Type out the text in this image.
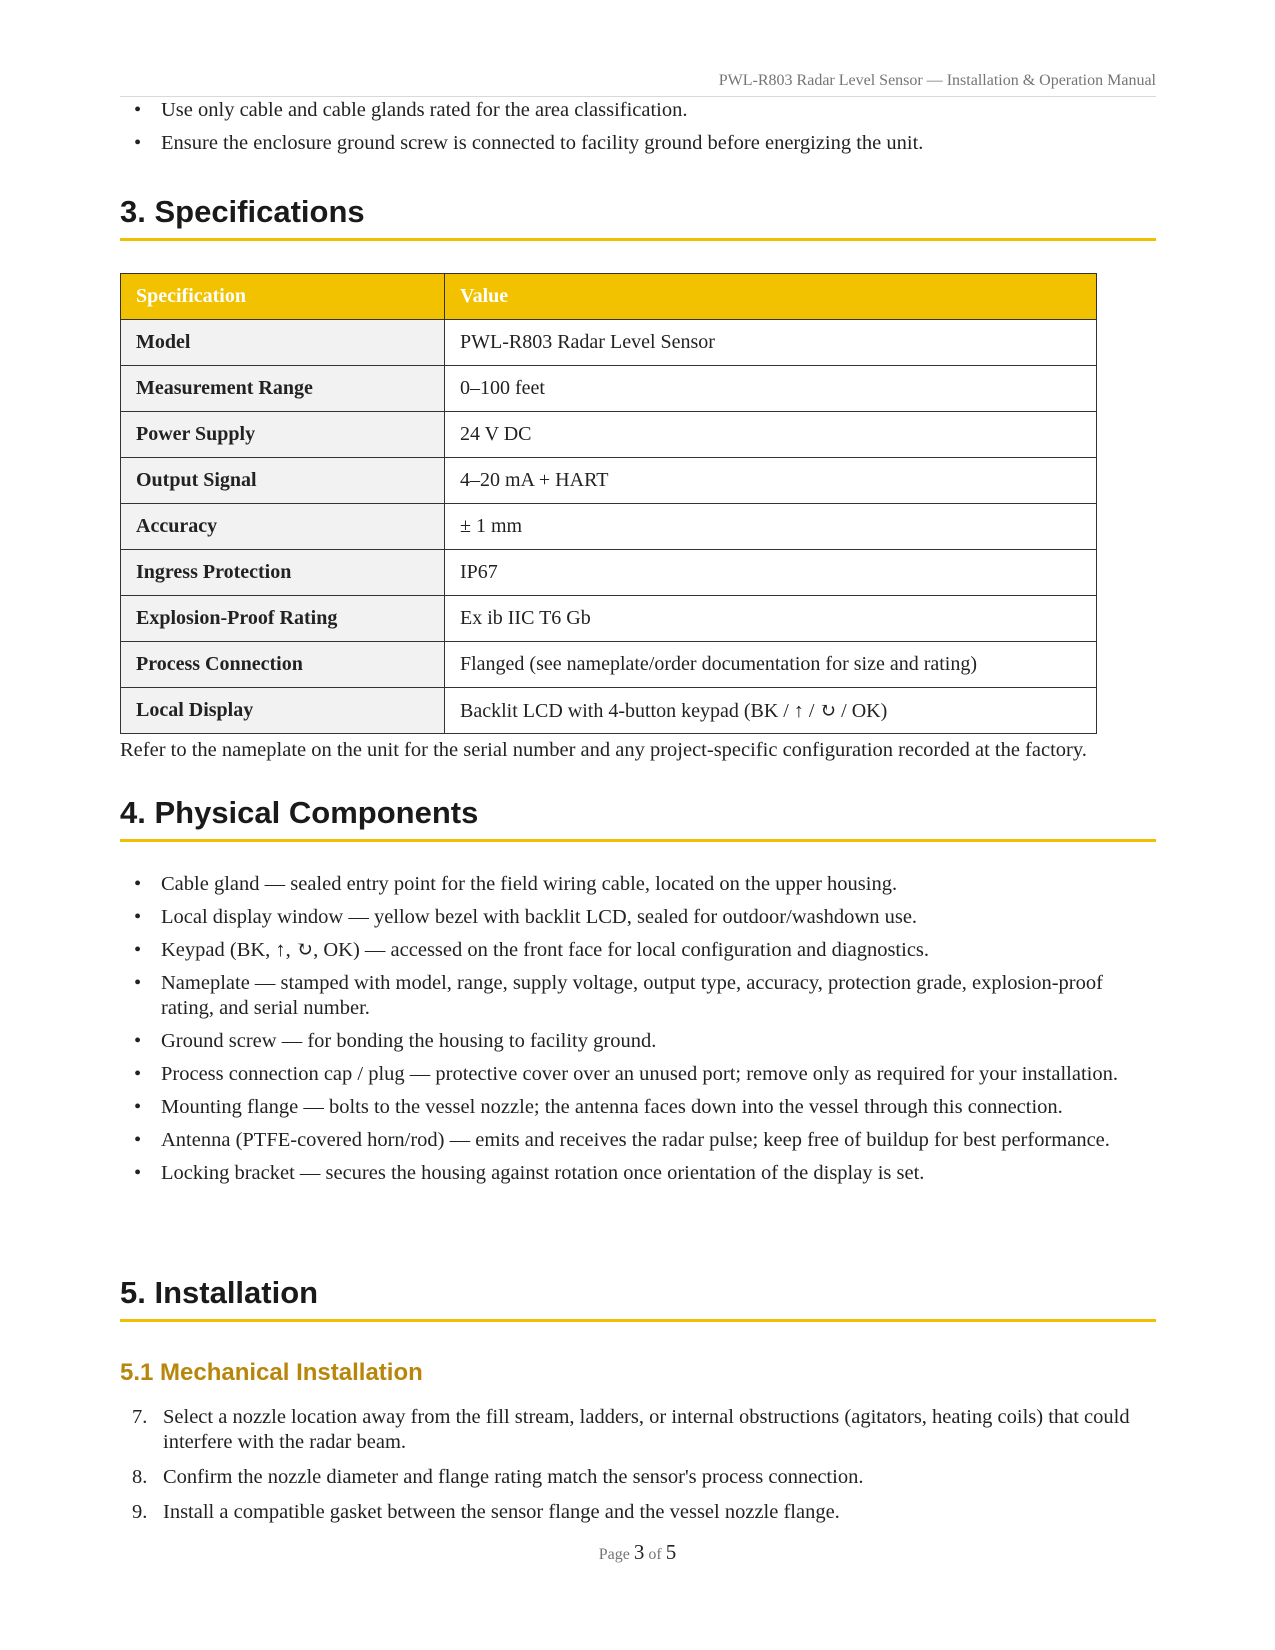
PWL-R803 Radar Level Sensor — Installation & Operation Manual
• Use only cable and cable glands rated for the area classification.
• Ensure the enclosure ground screw is connected to facility ground before energizing the unit.
3. Specifications
Specification	Value
Model	PWL-R803 Radar Level Sensor
Measurement Range	0–100 feet
Power Supply	24 V DC
Output Signal	4–20 mA + HART
Accuracy	± 1 mm
Ingress Protection	IP67
Explosion-Proof Rating	Ex ib IIC T6 Gb
Process Connection	Flanged (see nameplate/order documentation for size and rating)
Local Display	Backlit LCD with 4-button keypad (BK / ↑ / ↻ / OK)

Refer to the nameplate on the unit for the serial number and any project-specific configuration recorded at the factory.

4. Physical Components
• Cable gland — sealed entry point for the field wiring cable, located on the upper housing.
• Local display window — yellow bezel with backlit LCD, sealed for outdoor/washdown use.
• Keypad (BK, ↑, ↻, OK) — accessed on the front face for local configuration and diagnostics.
• Nameplate — stamped with model, range, supply voltage, output type, accuracy, protection grade, explosion-proof rating, and serial number.
• Ground screw — for bonding the housing to facility ground.
• Process connection cap / plug — protective cover over an unused port; remove only as required for your installation.
• Mounting flange — bolts to the vessel nozzle; the antenna faces down into the vessel through this connection.
• Antenna (PTFE-covered horn/rod) — emits and receives the radar pulse; keep free of buildup for best performance.
• Locking bracket — secures the housing against rotation once orientation of the display is set.
5. Installation
5.1 Mechanical Installation
7. Select a nozzle location away from the fill stream, ladders, or internal obstructions (agitators, heating coils) that could interfere with the radar beam.
8. Confirm the nozzle diameter and flange rating match the sensor's process connection.
9. Install a compatible gasket between the sensor flange and the vessel nozzle flange.
Page 3 of 5
